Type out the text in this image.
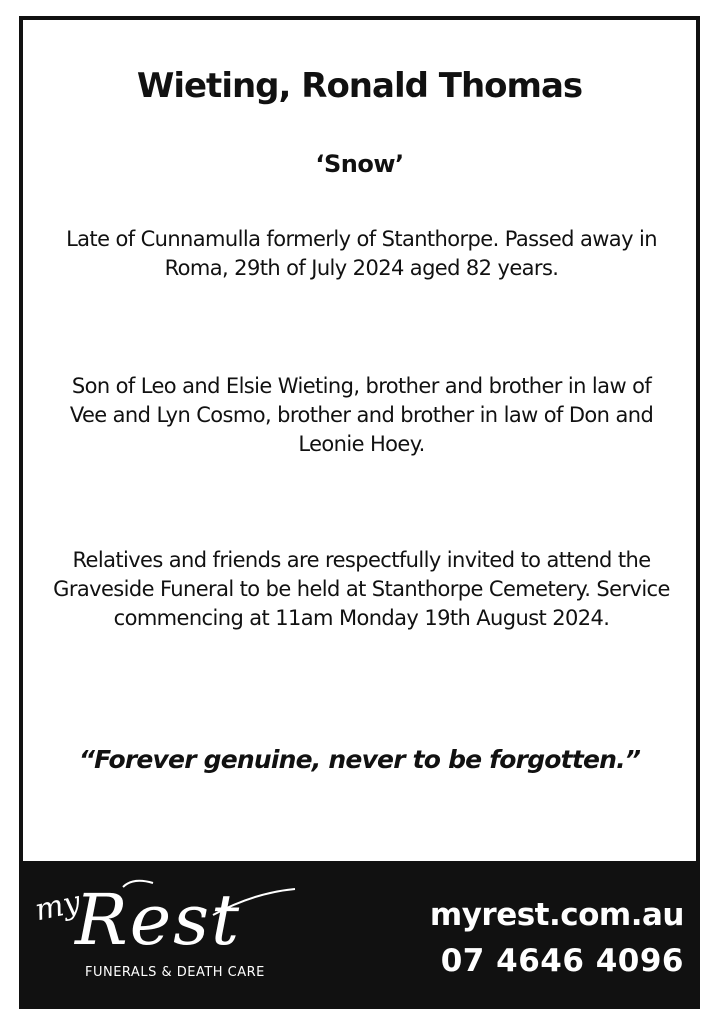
Wieting, Ronald Thomas
‘Snow’
Late of Cunnamulla formerly of Stanthorpe. Passed away in Roma, 29th of July 2024 aged 82 years.
Son of Leo and Elsie Wieting, brother and brother in law of Vee and Lyn Cosmo, brother and brother in law of Don and Leonie Hoey.
Relatives and friends are respectfully invited to attend the Graveside Funeral to be held at Stanthorpe Cemetery. Service commencing at 11am Monday 19th August 2024.
“Forever genuine, never to be forgotten.”
my
Rest
FUNERALS & DEATH CARE
myrest.com.au
07 4646 4096
